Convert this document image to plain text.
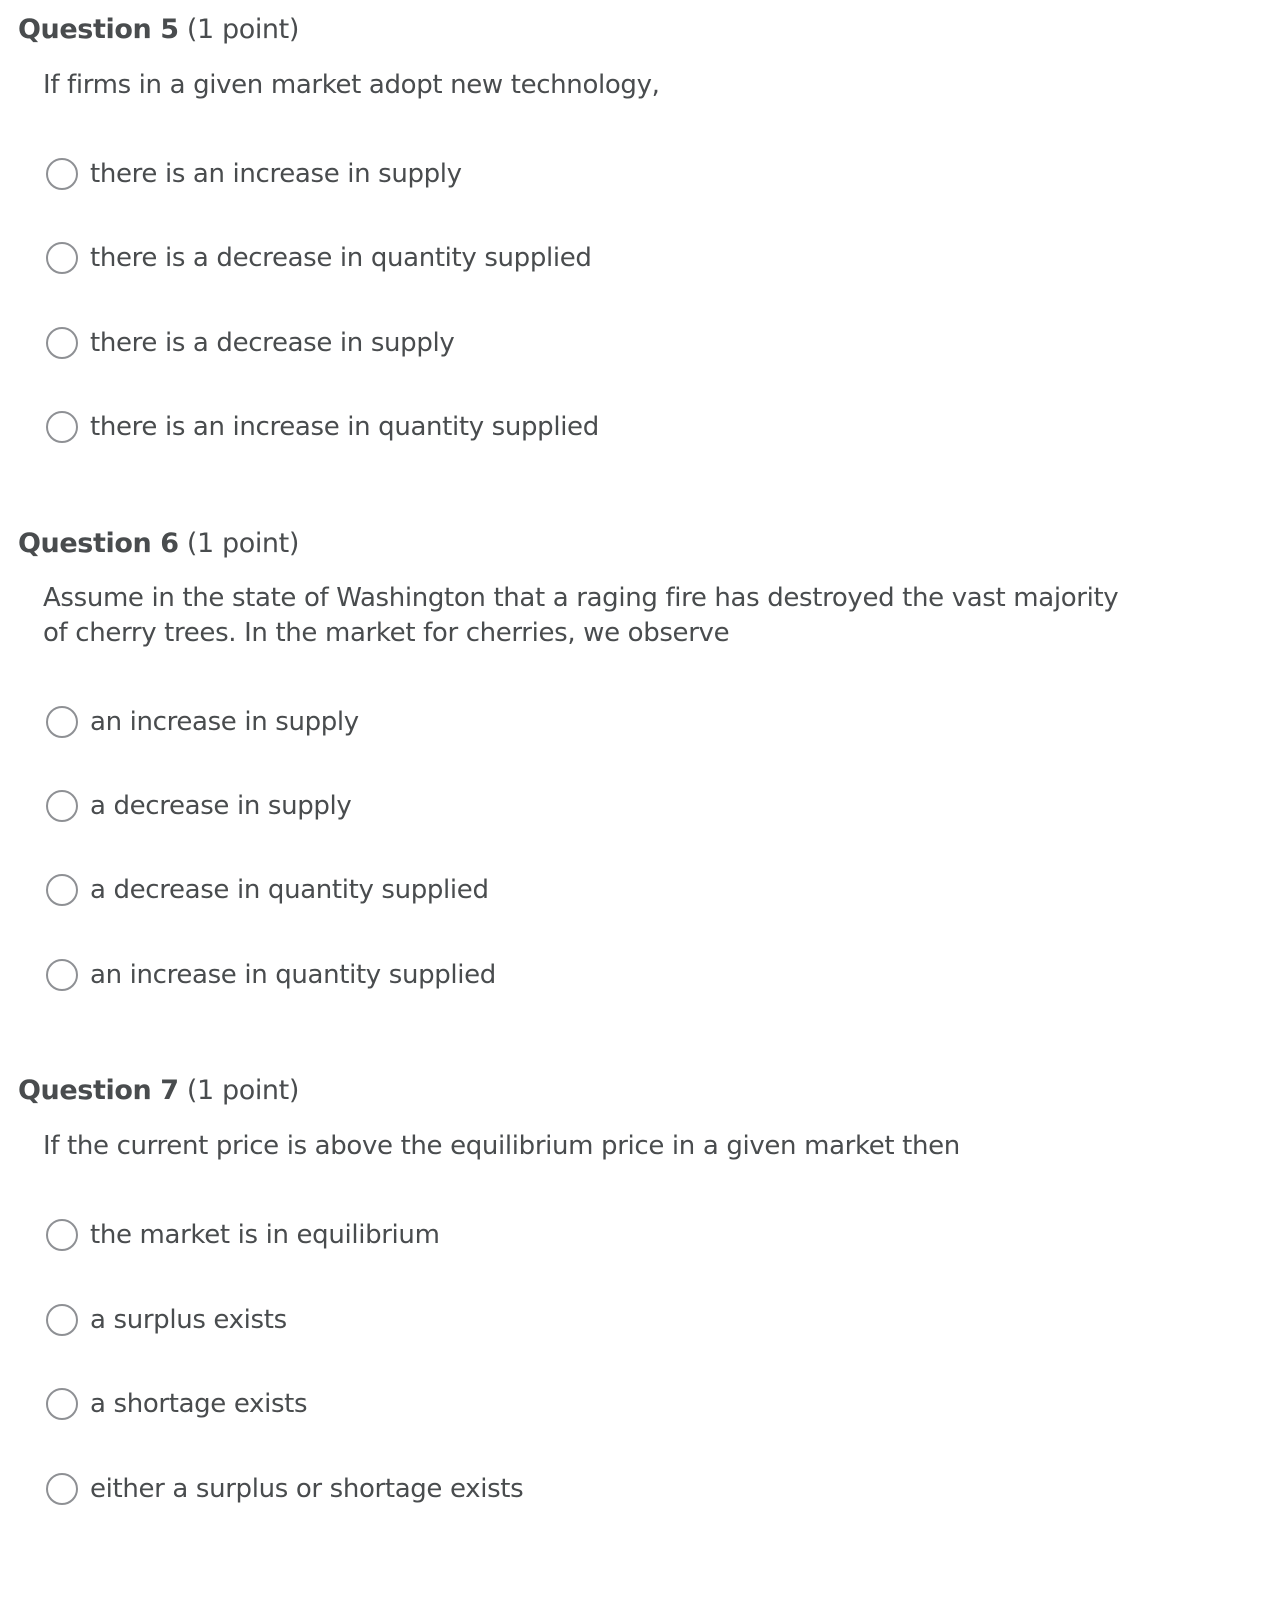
Question 5 (1 point)
If firms in a given market adopt new technology,
there is an increase in supply
there is a decrease in quantity supplied
there is a decrease in supply
there is an increase in quantity supplied
Question 6 (1 point)
Assume in the state of Washington that a raging fire has destroyed the vast majority
of cherry trees. In the market for cherries, we observe
an increase in supply
a decrease in supply
a decrease in quantity supplied
an increase in quantity supplied
Question 7 (1 point)
If the current price is above the equilibrium price in a given market then
the market is in equilibrium
a surplus exists
a shortage exists
either a surplus or shortage exists
